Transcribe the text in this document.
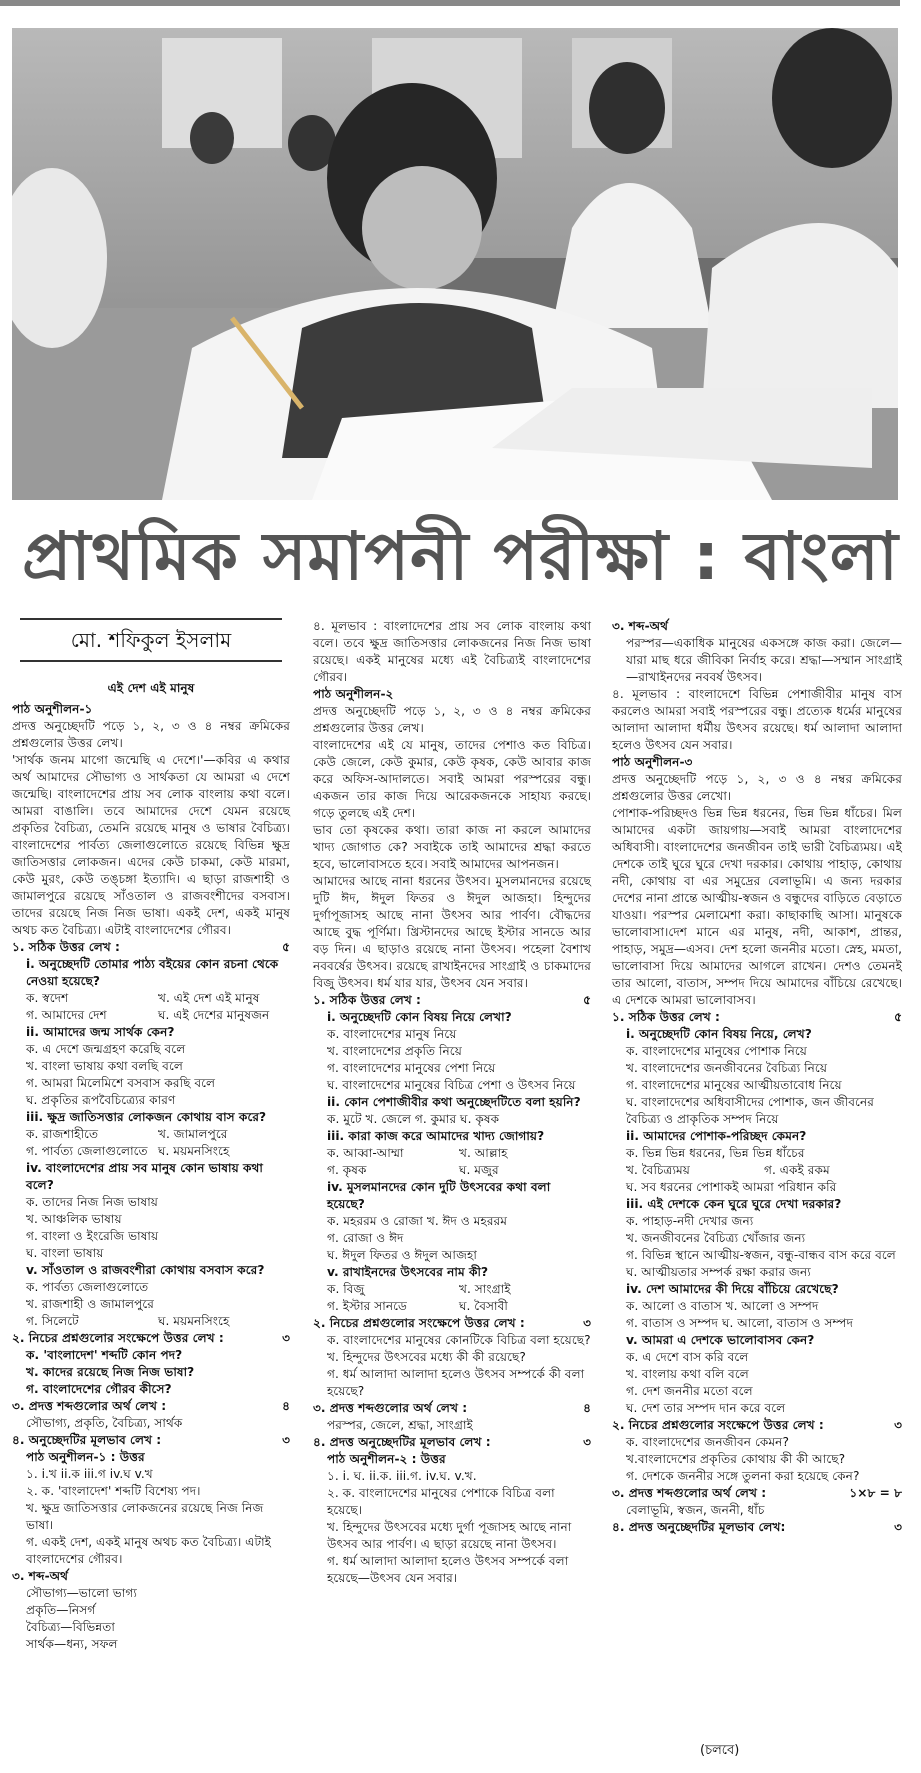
প্রাথমিক সমাপনী পরীক্ষা : বাংলা
মো. শফিকুল ইসলাম
এই দেশ এই মানুষ
পাঠ অনুশীলন-১
প্রদত্ত অনুচ্ছেদটি পড়ে ১, ২, ৩ ও ৪ নম্বর ক্রমিকের প্রশ্নগুলোর উত্তর লেখ।
'সার্থক জনম মাগো জন্মেছি এ দেশে।'—কবির এ কথার অর্থ আমাদের সৌভাগ্য ও সার্থকতা যে আমরা এ দেশে জন্মেছি। বাংলাদেশের প্রায় সব লোক বাংলায় কথা বলে। আমরা বাঙালি। তবে আমাদের দেশে যেমন রয়েছে প্রকৃতির বৈচিত্র্য, তেমনি রয়েছে মানুষ ও ভাষার বৈচিত্র্য। বাংলাদেশের পার্বত্য জেলাগুলোতে রয়েছে বিভিন্ন ক্ষুদ্র জাতিসত্তার লোকজন। এদের কেউ চাকমা, কেউ মারমা, কেউ মুরং, কেউ তঙ্চঙ্গা ইত্যাদি। এ ছাড়া রাজশাহী ও জামালপুরে রয়েছে সাঁওতাল ও রাজবংশীদের বসবাস। তাদের রয়েছে নিজ নিজ ভাষা। একই দেশ, একই মানুষ অথচ কত বৈচিত্র্য। এটাই বাংলাদেশের গৌরব।
১. সঠিক উত্তর লেখ :	৫
i. অনুচ্ছেদটি তোমার পাঠ্য বইয়ের কোন রচনা থেকে নেওয়া হয়েছে?
ক. স্বদেশ	খ. এই দেশ এই মানুষ
গ. আমাদের দেশ	ঘ. এই দেশের মানুষজন
ii. আমাদের জন্ম সার্থক কেন?
ক. এ দেশে জন্মগ্রহণ করেছি বলে
খ. বাংলা ভাষায় কথা বলছি বলে
গ. আমরা মিলেমিশে বসবাস করছি বলে
ঘ. প্রকৃতির রূপবৈচিত্র্যের কারণ
iii. ক্ষুদ্র জাতিসত্তার লোকজন কোথায় বাস করে?
ক. রাজশাহীতে	খ. জামালপুরে
গ. পার্বত্য জেলাগুলোতে ঘ. ময়মনসিংহে
iv. বাংলাদেশের প্রায় সব মানুষ কোন ভাষায় কথা বলে?
ক. তাদের নিজ নিজ ভাষায়
খ. আঞ্চলিক ভাষায়
গ. বাংলা ও ইংরেজি ভাষায়
ঘ. বাংলা ভাষায়
v. সাঁওতাল ও রাজবংশীরা কোথায় বসবাস করে?
ক. পার্বত্য জেলাগুলোতে
খ. রাজশাহী ও জামালপুরে
গ. সিলেটে	ঘ. ময়মনসিংহে
২. নিচের প্রশ্নগুলোর সংক্ষেপে উত্তর লেখ :	৩
ক. 'বাংলাদেশ' শব্দটি কোন পদ?
খ. কাদের রয়েছে নিজ নিজ ভাষা?
গ. বাংলাদেশের গৌরব কীসে?
৩. প্রদত্ত শব্দগুলোর অর্থ লেখ :	৪
সৌভাগ্য, প্রকৃতি, বৈচিত্র্য, সার্থক
৪. অনুচ্ছেদটির মূলভাব লেখ :	৩
পাঠ অনুশীলন-১ : উত্তর
১. i.খ ii.ক iii.গ iv.ঘ v.খ
২. ক. 'বাংলাদেশ' শব্দটি বিশেষ্য পদ।
খ. ক্ষুদ্র জাতিসত্তার লোকজনের রয়েছে নিজ নিজ ভাষা।
গ. একই দেশ, একই মানুষ অথচ কত বৈচিত্র্য। এটাই বাংলাদেশের গৌরব।
৩. শব্দ-অর্থ
সৌভাগ্য—ভালো ভাগ্য
প্রকৃতি—নিসর্গ
বৈচিত্র্য—বিভিন্নতা
সার্থক—ধন্য, সফল
৪. মূলভাব : বাংলাদেশের প্রায় সব লোক বাংলায় কথা বলে। তবে ক্ষুদ্র জাতিসত্তার লোকজনের নিজ নিজ ভাষা রয়েছে। একই মানুষের মধ্যে এই বৈচিত্র্যই বাংলাদেশের গৌরব।
পাঠ অনুশীলন-২
প্রদত্ত অনুচ্ছেদটি পড়ে ১, ২, ৩ ও ৪ নম্বর ক্রমিকের প্রশ্নগুলোর উত্তর লেখ।
বাংলাদেশের এই যে মানুষ, তাদের পেশাও কত বিচিত্র। কেউ জেলে, কেউ কুমার, কেউ কৃষক, কেউ আবার কাজ করে অফিস-আদালতে। সবাই আমরা পরস্পরের বন্ধু। একজন তার কাজ দিয়ে আরেকজনকে সাহায্য করছে। গড়ে তুলছে এই দেশ।
ভাব তো কৃষকের কথা। তারা কাজ না করলে আমাদের খাদ্য জোগাত কে? সবাইকে তাই আমাদের শ্রদ্ধা করতে হবে, ভালোবাসতে হবে। সবাই আমাদের আপনজন।
আমাদের আছে নানা ধরনের উৎসব। মুসলমানদের রয়েছে দুটি ঈদ, ঈদুল ফিতর ও ঈদুল আজহা। হিন্দুদের দুর্গাপূজাসহ আছে নানা উৎসব আর পার্বণ। বৌদ্ধদের আছে বুদ্ধ পূর্ণিমা। খ্রিস্টানদের আছে ইস্টার সানডে আর বড় দিন। এ ছাড়াও রয়েছে নানা উৎসব। পহেলা বৈশাখ নববর্ষের উৎসব। রয়েছে রাখাইনদের সাংগ্রাই ও চাকমাদের বিজু উৎসব। ধর্ম যার যার, উৎসব যেন সবার।
১. সঠিক উত্তর লেখ :	৫
i. অনুচ্ছেদটি কোন বিষয় নিয়ে লেখা?
ক. বাংলাদেশের মানুষ নিয়ে
খ. বাংলাদেশের প্রকৃতি নিয়ে
গ. বাংলাদেশের মানুষের পেশা নিয়ে
ঘ. বাংলাদেশের মানুষের বিচিত্র পেশা ও উৎসব নিয়ে
ii. কোন পেশাজীবীর কথা অনুচ্ছেদটিতে বলা হয়নি?
ক. মুটে খ. জেলে গ. কুমার ঘ. কৃষক
iii. কারা কাজ করে আমাদের খাদ্য জোগায়?
ক. আব্বা-আম্মা	খ. আল্লাহ
গ. কৃষক	ঘ. মজুর
iv. মুসলমানদের কোন দুটি উৎসবের কথা বলা হয়েছে?
ক. মহররম ও রোজা খ. ঈদ ও মহররম
গ. রোজা ও ঈদ
ঘ. ঈদুল ফিতর ও ঈদুল আজহা
v. রাখাইনদের উৎসবের নাম কী?
ক. বিজু	খ. সাংগ্রাই
গ. ইস্টার সানডে	ঘ. বৈসাবী
২. নিচের প্রশ্নগুলোর সংক্ষেপে উত্তর লেখ :	৩
ক. বাংলাদেশের মানুষের কোনটিকে বিচিত্র বলা হয়েছে?
খ. হিন্দুদের উৎসবের মধ্যে কী কী রয়েছে?
গ. ধর্ম আলাদা আলাদা হলেও উৎসব সম্পর্কে কী বলা হয়েছে?
৩. প্রদত্ত শব্দগুলোর অর্থ লেখ :	৪
পরস্পর, জেলে, শ্রদ্ধা, সাংগ্রাই
৪. প্রদত্ত অনুচ্ছেদটির মূলভাব লেখ :	৩
পাঠ অনুশীলন-২ : উত্তর
১. i. ঘ. ii.ক. iii.গ. iv.ঘ. v.খ.
২. ক. বাংলাদেশের মানুষের পেশাকে বিচিত্র বলা হয়েছে।
খ. হিন্দুদের উৎসবের মধ্যে দুর্গা পূজাসহ আছে নানা উৎসব আর পার্বণ। এ ছাড়া রয়েছে নানা উৎসব।
গ. ধর্ম আলাদা আলাদা হলেও উৎসব সম্পর্কে বলা হয়েছে—উৎসব যেন সবার।
৩. শব্দ-অর্থ
পরস্পর—একাধিক মানুষের একসঙ্গে কাজ করা। জেলে—যারা মাছ ধরে জীবিকা নির্বাহ করে। শ্রদ্ধা—সম্মান সাংগ্রাই—রাখাইনদের নববর্ষ উৎসব।
৪. মূলভাব : বাংলাদেশে বিভিন্ন পেশাজীবীর মানুষ বাস করলেও আমরা সবাই পরস্পরের বন্ধু। প্রত্যেক ধর্মের মানুষের আলাদা আলাদা ধর্মীয় উৎসব রয়েছে। ধর্ম আলাদা আলাদা হলেও উৎসব যেন সবার।
পাঠ অনুশীলন-৩
প্রদত্ত অনুচ্ছেদটি পড়ে ১, ২, ৩ ও ৪ নম্বর ক্রমিকের প্রশ্নগুলোর উত্তর লেখো।
পোশাক-পরিচ্ছদও ভিন্ন ভিন্ন ধরনের, ভিন্ন ভিন্ন ধাঁচের। মিল আমাদের একটা জায়গায়—সবাই আমরা বাংলাদেশের অধিবাসী। বাংলাদেশের জনজীবন তাই ভারী বৈচিত্র্যময়। এই দেশকে তাই ঘুরে ঘুরে দেখা দরকার। কোথায় পাহাড়, কোথায় নদী, কোথায় বা এর সমুদ্রের বেলাভূমি। এ জন্য দরকার দেশের নানা প্রান্তে আত্মীয়-স্বজন ও বন্ধুদের বাড়িতে বেড়াতে যাওয়া। পরস্পর মেলামেশা করা। কাছাকাছি আসা। মানুষকে ভালোবাসা।দেশ মানে এর মানুষ, নদী, আকাশ, প্রান্তর, পাহাড়, সমুদ্র—এসব। দেশ হলো জননীর মতো। স্নেহ, মমতা, ভালোবাসা দিয়ে আমাদের আগলে রাখেন। দেশও তেমনই তার আলো, বাতাস, সম্পদ দিয়ে আমাদের বাঁচিয়ে রেখেছে। এ দেশকে আমরা ভালোবাসব।
১. সঠিক উত্তর লেখ :	৫
i. অনুচ্ছেদটি কোন বিষয় নিয়ে, লেখ?
ক. বাংলাদেশের মানুষের পোশাক নিয়ে
খ. বাংলাদেশের জনজীবনের বৈচিত্র্য নিয়ে
গ. বাংলাদেশের মানুষের আত্মীয়তাবোধ নিয়ে
ঘ. বাংলাদেশের অধিবাসীদের পোশাক, জন জীবনের বৈচিত্র্য ও প্রাকৃতিক সম্পদ নিয়ে
ii. আমাদের পোশাক-পরিচ্ছদ কেমন?
ক. ভিন্ন ভিন্ন ধরনের, ভিন্ন ভিন্ন ধাঁচের
খ. বৈচিত্র্যময়	গ. একই রকম
ঘ. সব ধরনের পোশাকই আমরা পরিধান করি
iii. এই দেশকে কেন ঘুরে ঘুরে দেখা দরকার?
ক. পাহাড়-নদী দেখার জন্য
খ. জনজীবনের বৈচিত্র্য খোঁজার জন্য
গ. বিভিন্ন স্থানে আত্মীয়-স্বজন, বন্ধু-বান্ধব বাস করে বলে
ঘ. আত্মীয়তার সম্পর্ক রক্ষা করার জন্য
iv. দেশ আমাদের কী দিয়ে বাঁচিয়ে রেখেছে?
ক. আলো ও বাতাস খ. আলো ও সম্পদ
গ. বাতাস ও সম্পদ ঘ. আলো, বাতাস ও সম্পদ
v. আমরা এ দেশকে ভালোবাসব কেন?
ক. এ দেশে বাস করি বলে
খ. বাংলায় কথা বলি বলে
গ. দেশ জননীর মতো বলে
ঘ. দেশ তার সম্পদ দান করে বলে
২. নিচের প্রশ্নগুলোর সংক্ষেপে উত্তর লেখ :	৩
ক. বাংলাদেশের জনজীবন কেমন?
খ.বাংলাদেশের প্রকৃতির কোথায় কী কী আছে?
গ. দেশকে জননীর সঙ্গে তুলনা করা হয়েছে কেন?
৩. প্রদত্ত শব্দগুলোর অর্থ লেখ :	১×৮ = ৮
বেলাভূমি, স্বজন, জননী, ধাঁচ
৪. প্রদত্ত অনুচ্ছেদটির মূলভাব লেখ:	৩
(চলবে)
